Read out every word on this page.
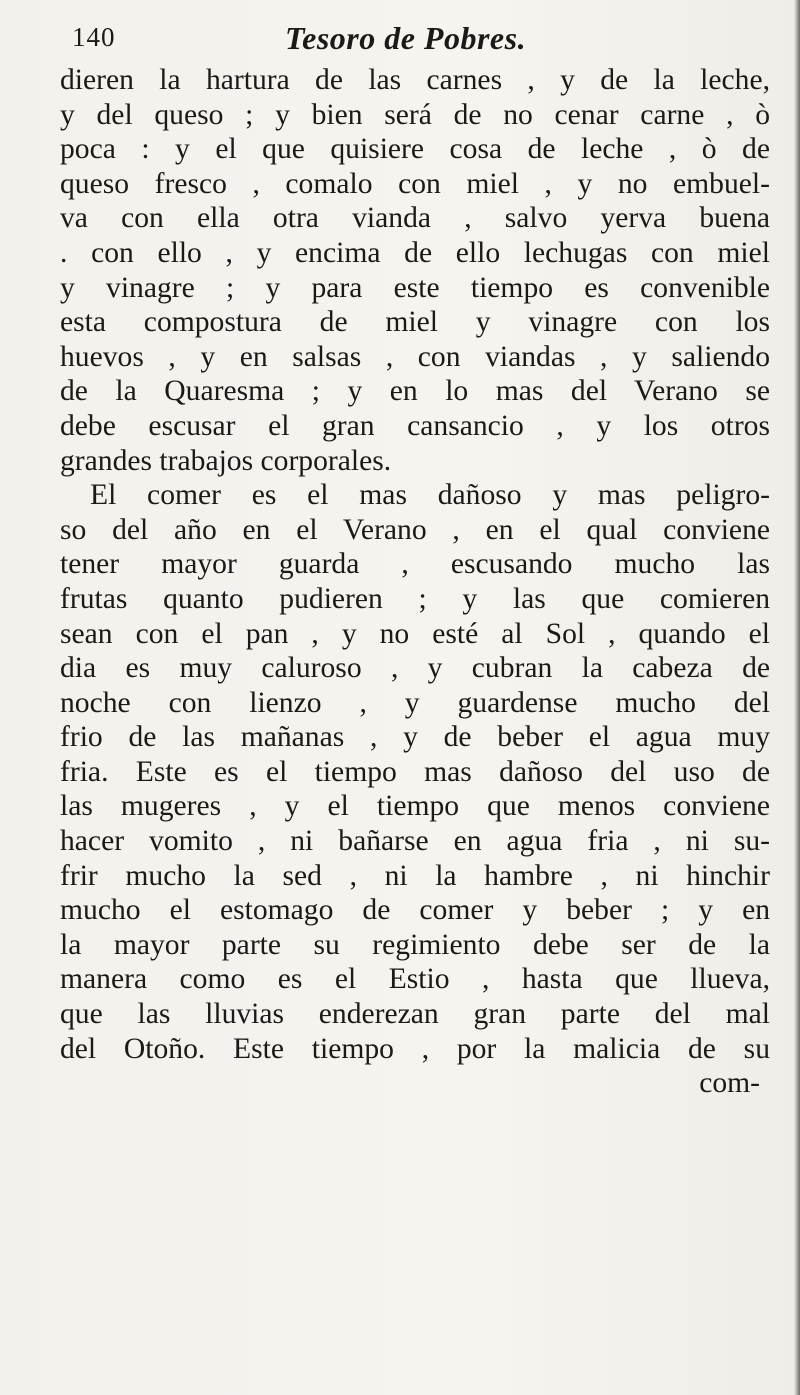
140	Tesoro de Pobres.
dieren la hartura de las carnes , y de la leche,
y del queso ; y bien será de no cenar carne , ò
poca : y el que quisiere cosa de leche , ò de
queso fresco , comalo con miel , y no embuel-
va con ella otra vianda , salvo yerva buena
. con ello , y encima de ello lechugas con miel
y vinagre ; y para este tiempo es convenible
esta compostura de miel y vinagre con los
huevos , y en salsas , con viandas , y saliendo
de la Quaresma ; y en lo mas del Verano se
debe escusar el gran cansancio , y los otros
grandes trabajos corporales.
El comer es el mas dañoso y mas peligro-
so del año en el Verano , en el qual conviene
tener mayor guarda , escusando mucho las
frutas quanto pudieren ; y las que comieren
sean con el pan , y no esté al Sol , quando el
dia es muy caluroso , y cubran la cabeza de
noche con lienzo , y guardense mucho del
frio de las mañanas , y de beber el agua muy
fria. Este es el tiempo mas dañoso del uso de
las mugeres , y el tiempo que menos conviene
hacer vomito , ni bañarse en agua fria , ni su-
frir mucho la sed , ni la hambre , ni hinchir
mucho el estomago de comer y beber ; y en
la mayor parte su regimiento debe ser de la
manera como es el Estio , hasta que llueva,
que las lluvias enderezan gran parte del mal
del Otoño. Este tiempo , por la malicia de su
com-
